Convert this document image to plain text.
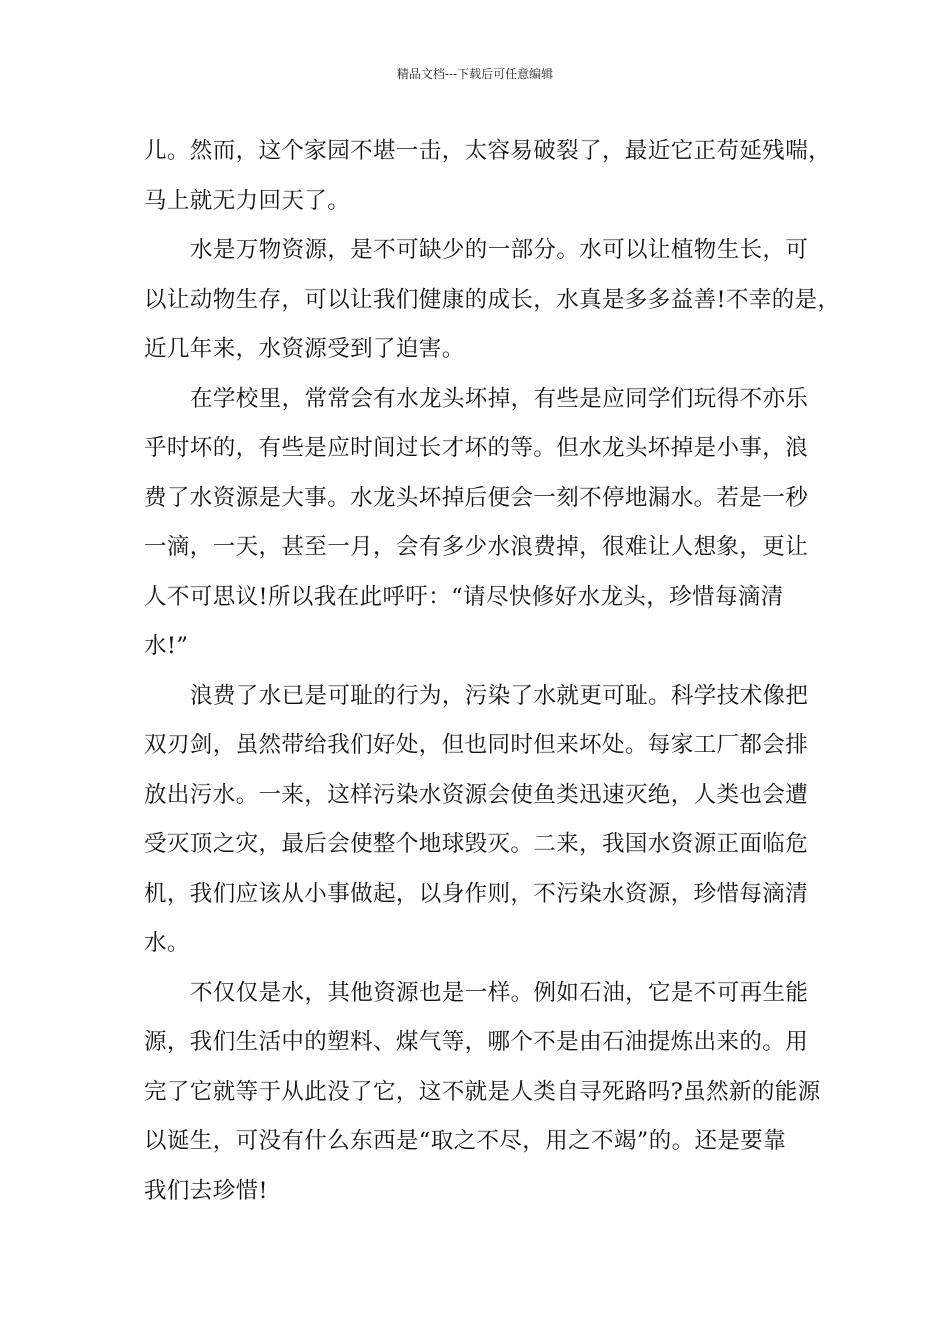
精品文档---下载后可任意编辑
儿。然而，这个家园不堪一击，太容易破裂了，最近它正苟延残喘，
马上就无力回天了。
水是万物资源，是不可缺少的一部分。水可以让植物生长，可
以让动物生存，可以让我们健康的成长，水真是多多益善!不幸的是，
近几年来，水资源受到了迫害。
在学校里，常常会有水龙头坏掉，有些是应同学们玩得不亦乐
乎时坏的，有些是应时间过长才坏的等。但水龙头坏掉是小事，浪
费了水资源是大事。水龙头坏掉后便会一刻不停地漏水。若是一秒
一滴，一天，甚至一月，会有多少水浪费掉，很难让人想象，更让
人不可思议!所以我在此呼吁：“请尽快修好水龙头，珍惜每滴清
水!”
浪费了水已是可耻的行为，污染了水就更可耻。科学技术像把
双刃剑，虽然带给我们好处，但也同时但来坏处。每家工厂都会排
放出污水。一来，这样污染水资源会使鱼类迅速灭绝，人类也会遭
受灭顶之灾，最后会使整个地球毁灭。二来，我国水资源正面临危
机，我们应该从小事做起，以身作则，不污染水资源，珍惜每滴清
水。
不仅仅是水，其他资源也是一样。例如石油，它是不可再生能
源，我们生活中的塑料、煤气等，哪个不是由石油提炼出来的。用
完了它就等于从此没了它，这不就是人类自寻死路吗?虽然新的能源
以诞生，可没有什么东西是“取之不尽，用之不竭”的。还是要靠
我们去珍惜!
